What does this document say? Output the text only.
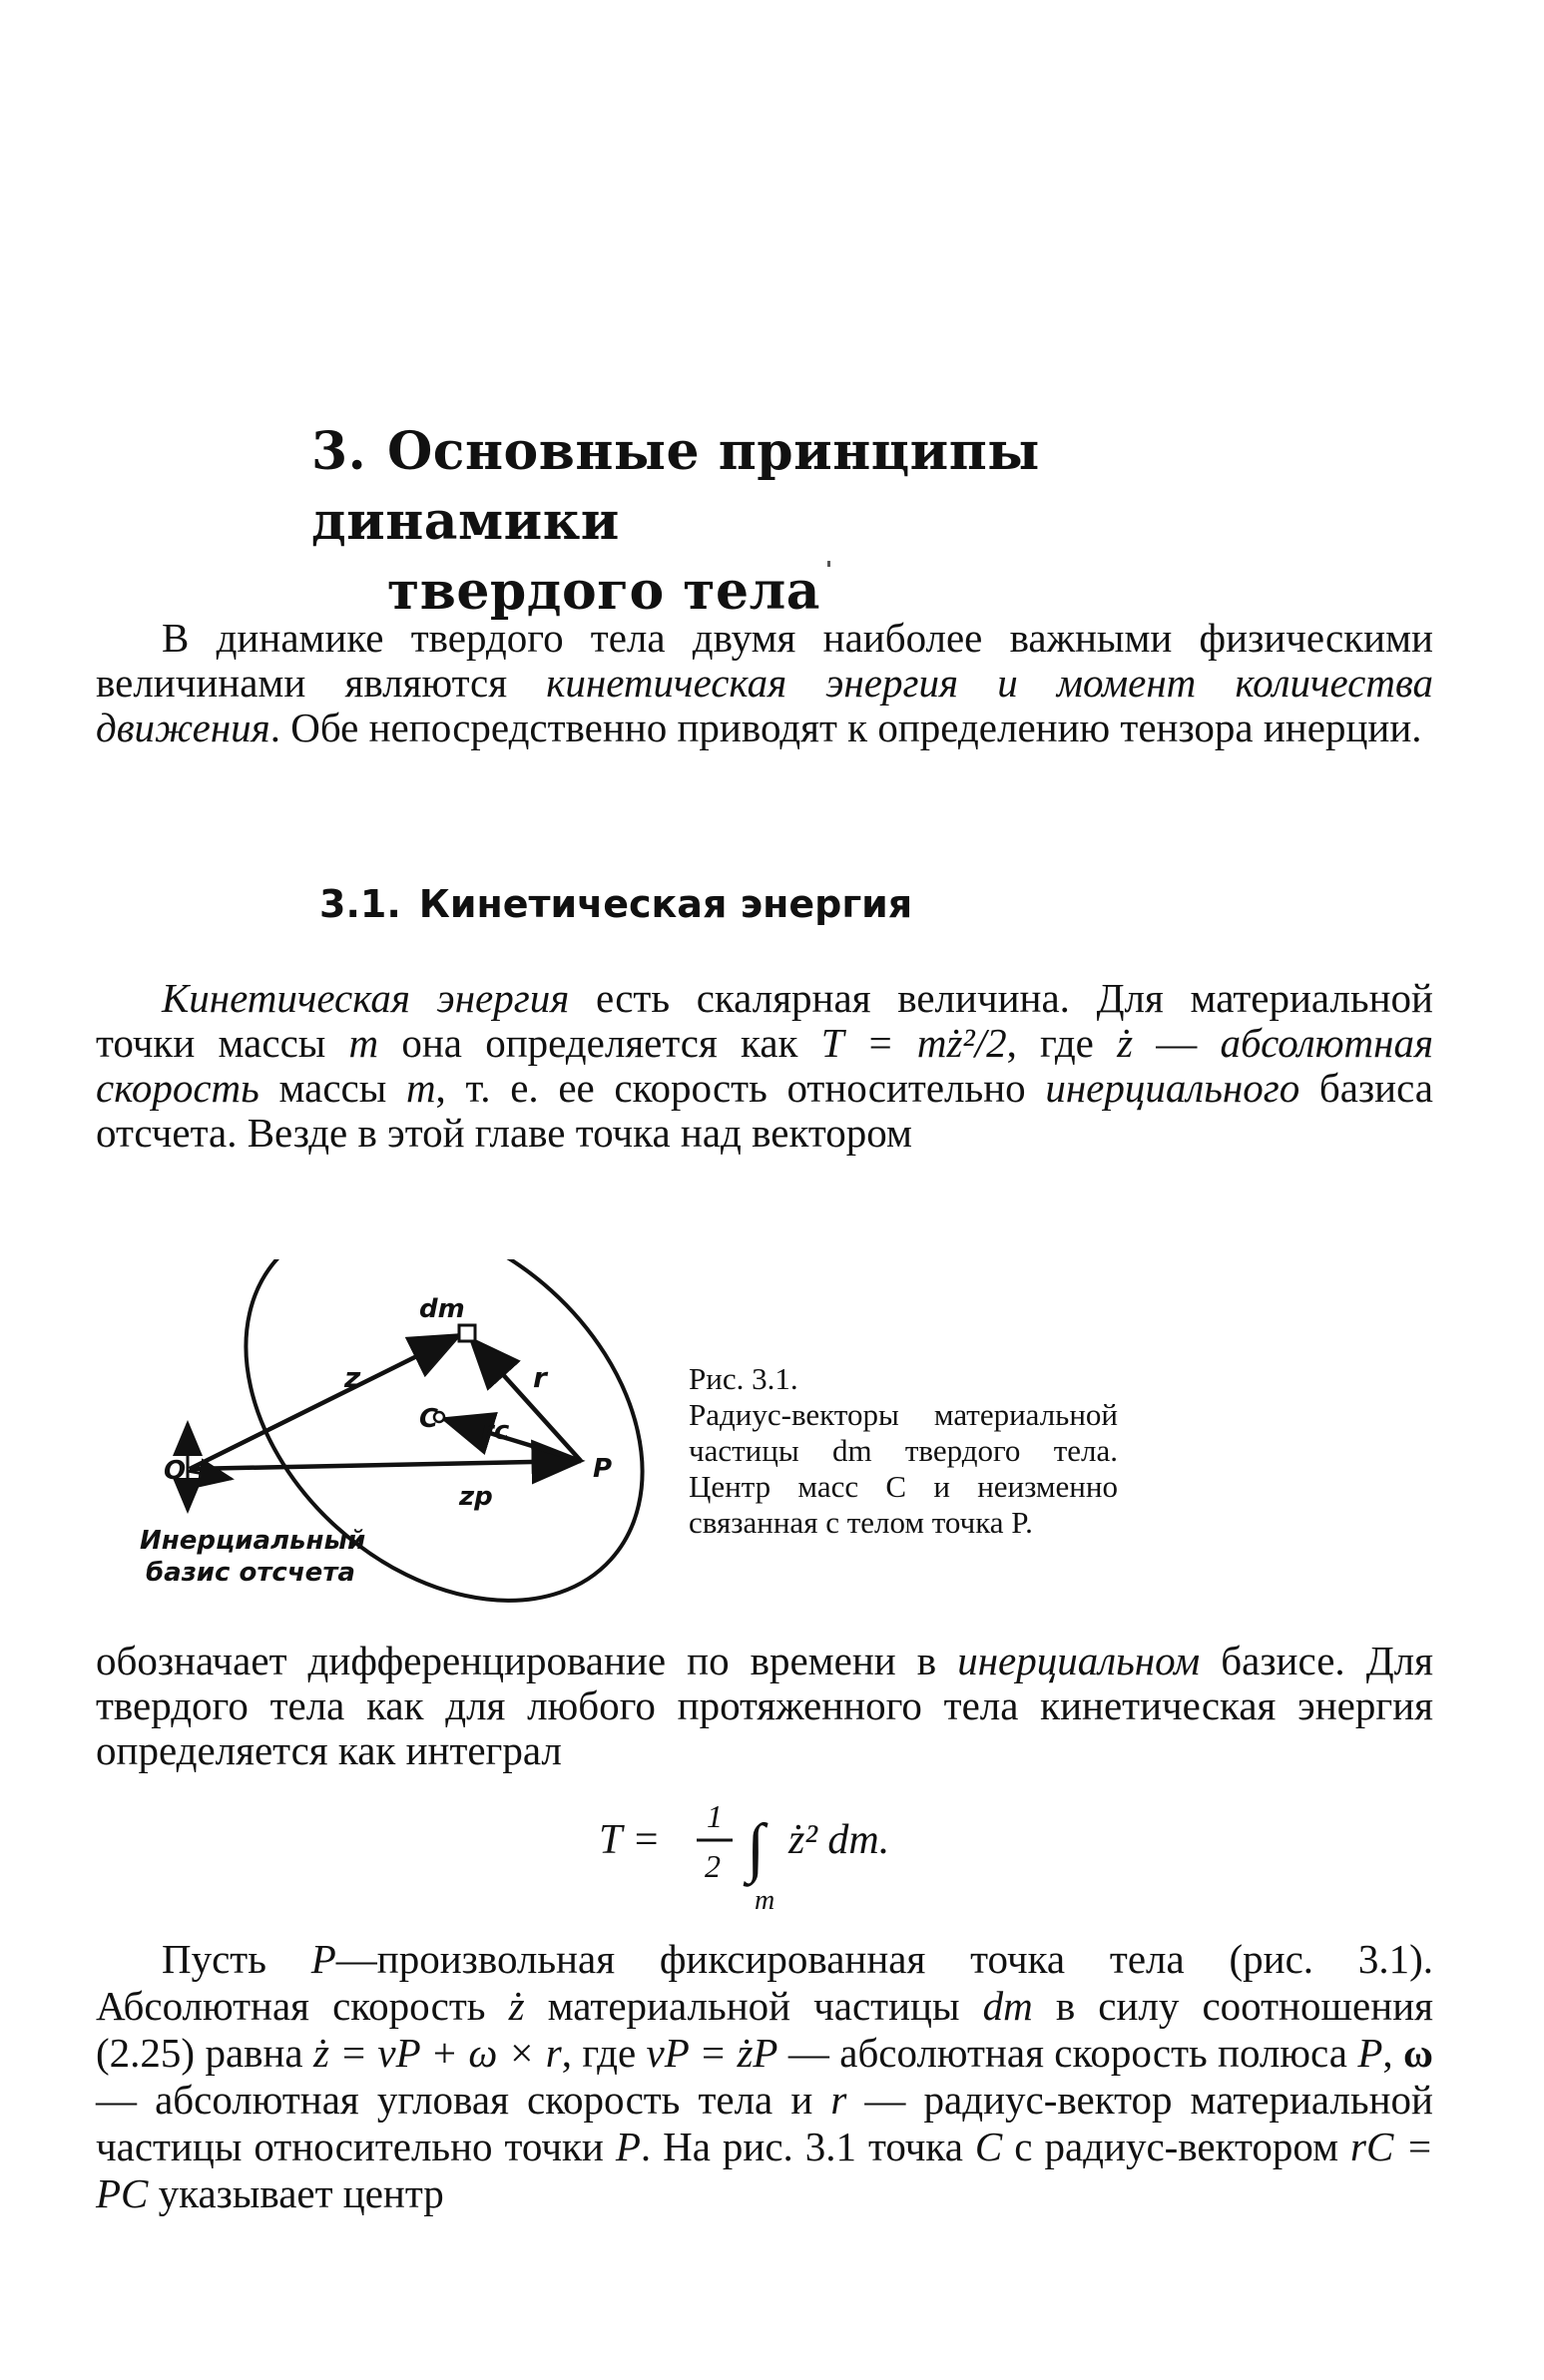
3. Основные принципы динамики
твердого тела

В динамике твердого тела двумя наиболее важными физическими величинами являются кинетическая энергия и момент количества движения. Обе непосредственно приводят к определению тензора инерции.

3.1. Кинетическая энергия

Кинетическая энергия есть скалярная величина. Для материальной точки массы m она определяется как T = mż²/2, где ż — абсолютная скорость массы m, т. е. ее скорость относительно инерциального базиса отсчета. Везде в этой главе точка над вектором

dm
z	r
C rc
O	P
zp
Инерциальный
базис отсчета
Рис. 3.1.
Радиус-векторы материальной частицы dm твердого тела. Центр масс C и неизменно связанная с телом точка P.

обозначает дифференцирование по времени в инерциальном базисе. Для твердого тела как для любого протяженного тела кинетическая энергия определяется как интеграл

T =
1
2 ∫ ż² dm.
m

Пусть P—произвольная фиксированная точка тела (рис. 3.1). Абсолютная скорость ż материальной частицы dm в силу соотношения (2.25) равна ż = vP + ω × r, где vP = żP — абсолютная скорость полюса P, ω — абсолютная угловая скорость тела и r — радиус-вектор материальной частицы относительно точки P. На рис. 3.1 точка C с радиус-вектором rC = PC указывает центр
